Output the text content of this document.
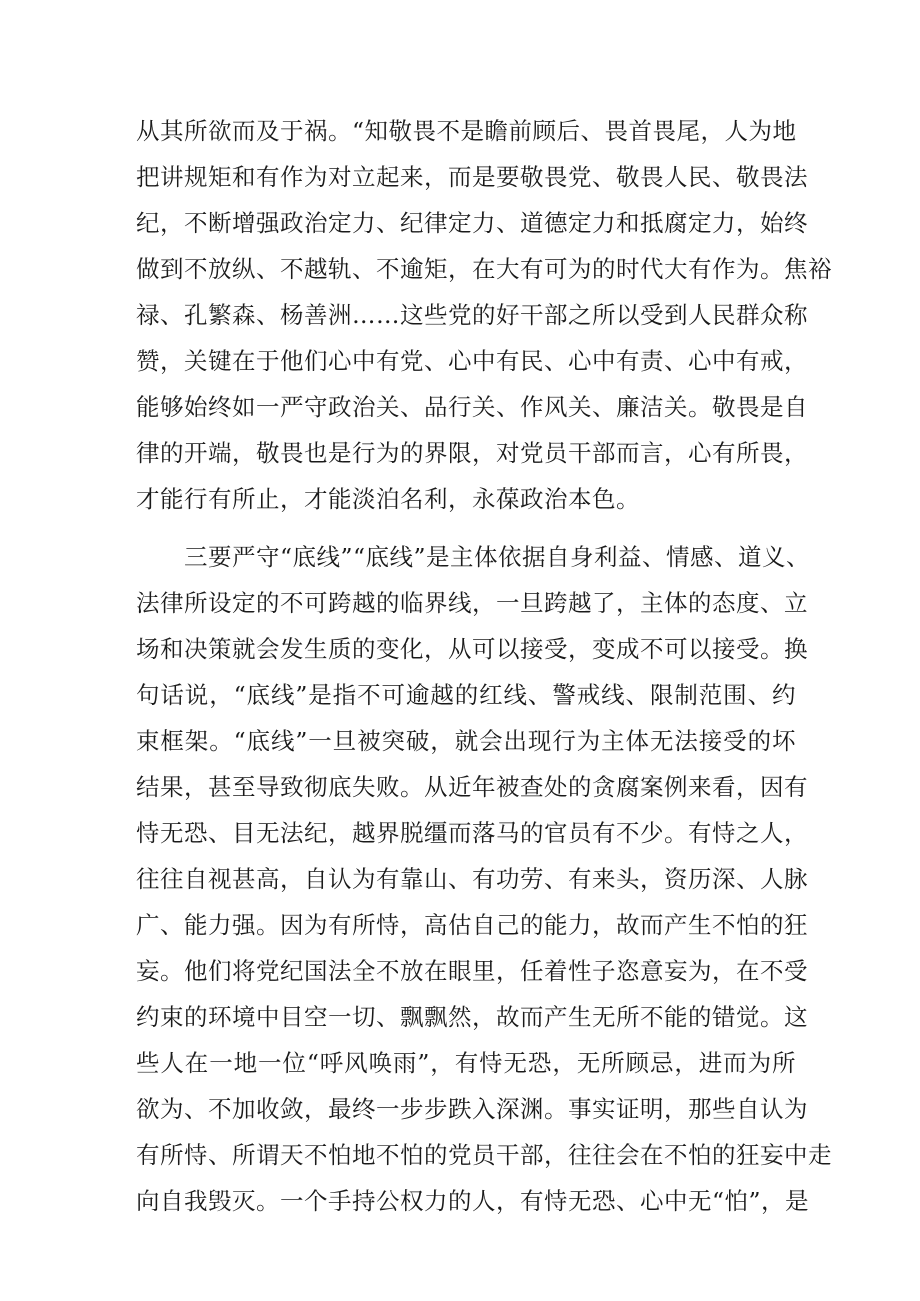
从其所欲而及于祸。“知敬畏不是瞻前顾后、畏首畏尾，人为地
把讲规矩和有作为对立起来，而是要敬畏党、敬畏人民、敬畏法
纪，不断增强政治定力、纪律定力、道德定力和抵腐定力，始终
做到不放纵、不越轨、不逾矩，在大有可为的时代大有作为。焦裕
禄、孔繁森、杨善洲……这些党的好干部之所以受到人民群众称
赞，关键在于他们心中有党、心中有民、心中有责、心中有戒，
能够始终如一严守政治关、品行关、作风关、廉洁关。敬畏是自
律的开端，敬畏也是行为的界限，对党员干部而言，心有所畏，
才能行有所止，才能淡泊名利，永葆政治本色。
三要严守“底线”“底线”是主体依据自身利益、情感、道义、
法律所设定的不可跨越的临界线，一旦跨越了，主体的态度、立
场和决策就会发生质的变化，从可以接受，变成不可以接受。换
句话说，“底线”是指不可逾越的红线、警戒线、限制范围、约
束框架。“底线”一旦被突破，就会出现行为主体无法接受的坏
结果，甚至导致彻底失败。从近年被查处的贪腐案例来看，因有
恃无恐、目无法纪，越界脱缰而落马的官员有不少。有恃之人，
往往自视甚高，自认为有靠山、有功劳、有来头，资历深、人脉
广、能力强。因为有所恃，高估自己的能力，故而产生不怕的狂
妄。他们将党纪国法全不放在眼里，任着性子恣意妄为，在不受
约束的环境中目空一切、飘飘然，故而产生无所不能的错觉。这
些人在一地一位“呼风唤雨”，有恃无恐，无所顾忌，进而为所
欲为、不加收敛，最终一步步跌入深渊。事实证明，那些自认为
有所恃、所谓天不怕地不怕的党员干部，往往会在不怕的狂妄中走
向自我毁灭。一个手持公权力的人，有恃无恐、心中无“怕”，是
